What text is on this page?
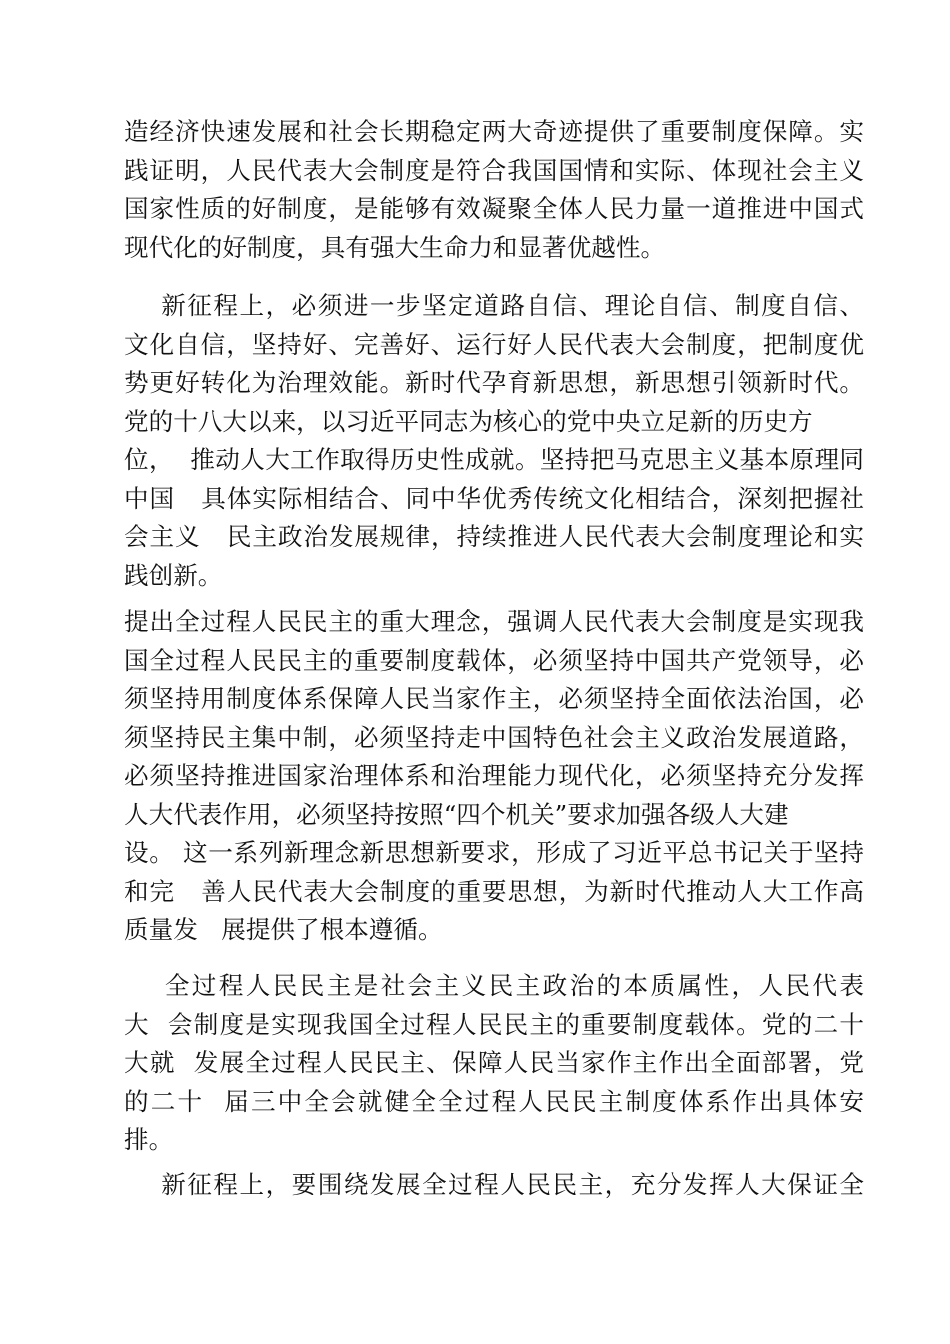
造经济快速发展和社会长期稳定两大奇迹提供了重要制度保障。实
践证明，人民代表大会制度是符合我国国情和实际、体现社会主义
国家性质的好制度，是能够有效凝聚全体人民力量一道推进中国式
现代化的好制度，具有强大生命力和显著优越性。
新征程上，必须进一步坚定道路自信、理论自信、制度自信、
文化自信，坚持好、完善好、运行好人民代表大会制度，把制度优
势更好转化为治理效能。新时代孕育新思想，新思想引领新时代。
党的十八大以来，以习近平同志为核心的党中央立足新的历史方
位，  推动人大工作取得历史性成就。坚持把马克思主义基本原理同
中国   具体实际相结合、同中华优秀传统文化相结合，深刻把握社
会主义   民主政治发展规律，持续推进人民代表大会制度理论和实
践创新。
提出全过程人民民主的重大理念，强调人民代表大会制度是实现我
国全过程人民民主的重要制度载体，必须坚持中国共产党领导，必
须坚持用制度体系保障人民当家作主，必须坚持全面依法治国，必
须坚持民主集中制，必须坚持走中国特色社会主义政治发展道路，
必须坚持推进国家治理体系和治理能力现代化，必须坚持充分发挥
人大代表作用，必须坚持按照“四个机关”要求加强各级人大建
设。 这一系列新理念新思想新要求，形成了习近平总书记关于坚持
和完   善人民代表大会制度的重要思想，为新时代推动人大工作高
质量发   展提供了根本遵循。
全过程人民民主是社会主义民主政治的本质属性，人民代表
大  会制度是实现我国全过程人民民主的重要制度载体。党的二十
大就  发展全过程人民民主、保障人民当家作主作出全面部署，党
的二十  届三中全会就健全全过程人民民主制度体系作出具体安
排。
新征程上，要围绕发展全过程人民民主，充分发挥人大保证全
